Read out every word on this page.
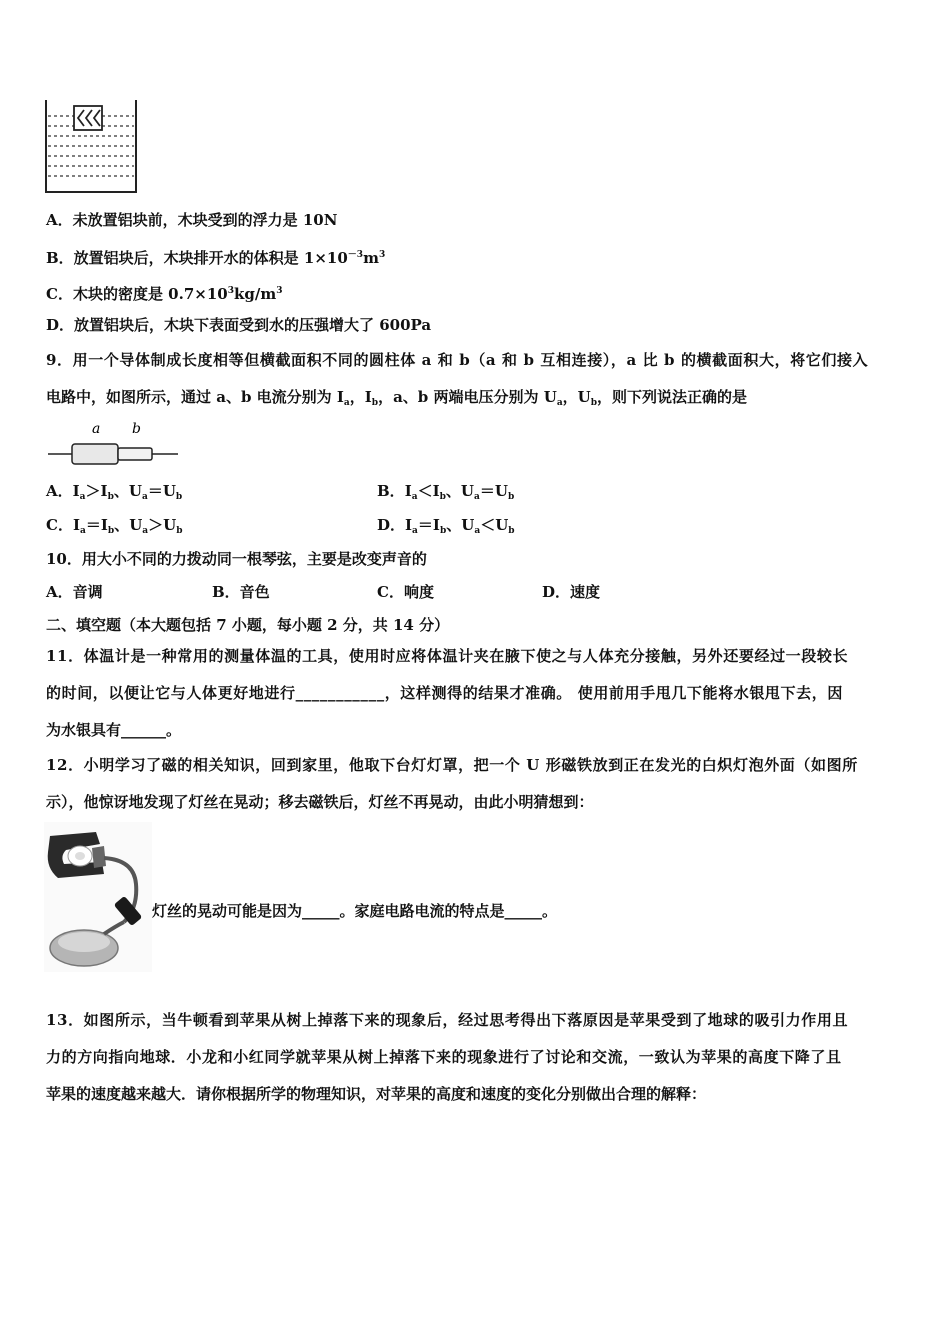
A．未放置铝块前，木块受到的浮力是 10N
B．放置铝块后，木块排开水的体积是 $1\times 10^{-3}m^3$
C．木块的密度是 $0.7\times 10^3kg/m^3$
D．放置铝块后，木块下表面受到水的压强增大了 600Pa
9．用一个导体制成长度相等但横截面积不同的圆柱体 a 和 b（a 和 b 互相连接），a 比 b 的横截面积大，将它们接入
电路中，如图所示，通过 a、b 电流分别为 $I_a$，$I_b$，a、b 两端电压分别为 $U_a$，$U_b$，则下列说法正确的是
a b
A．$I_a>I_b$、$U_a=U_b$	B．$I_a<I_b$、$U_a=U_b$
C．$I_a=I_b$、$U_a>U_b$	D．$I_a=I_b$、$U_a<U_b$
10．用大小不同的力拨动同一根琴弦，主要是改变声音的
A．音调	B．音色	C．响度	D．速度
二、填空题（本大题包括 7 小题，每小题 2 分，共 14 分）
11．体温计是一种常用的测量体温的工具，使用时应将体温计夹在腋下使之与人体充分接触，另外还要经过一段较长
的时间，以便让它与人体更好地进行___________，这样测得的结果才准确。 使用前用手甩几下能将水银甩下去，因
为水银具有______。
12．小明学习了磁的相关知识，回到家里，他取下台灯灯罩，把一个 U 形磁铁放到正在发光的白炽灯泡外面（如图所
示），他惊讶地发现了灯丝在晃动；移去磁铁后，灯丝不再晃动，由此小明猜想到：
灯丝的晃动可能是因为_____。家庭电路电流的特点是_____。
13．如图所示，当牛顿看到苹果从树上掉落下来的现象后，经过思考得出下落原因是苹果受到了地球的吸引力作用且
力的方向指向地球．小龙和小红同学就苹果从树上掉落下来的现象进行了讨论和交流，一致认为苹果的高度下降了且
苹果的速度越来越大．请你根据所学的物理知识，对苹果的高度和速度的变化分别做出合理的解释：
